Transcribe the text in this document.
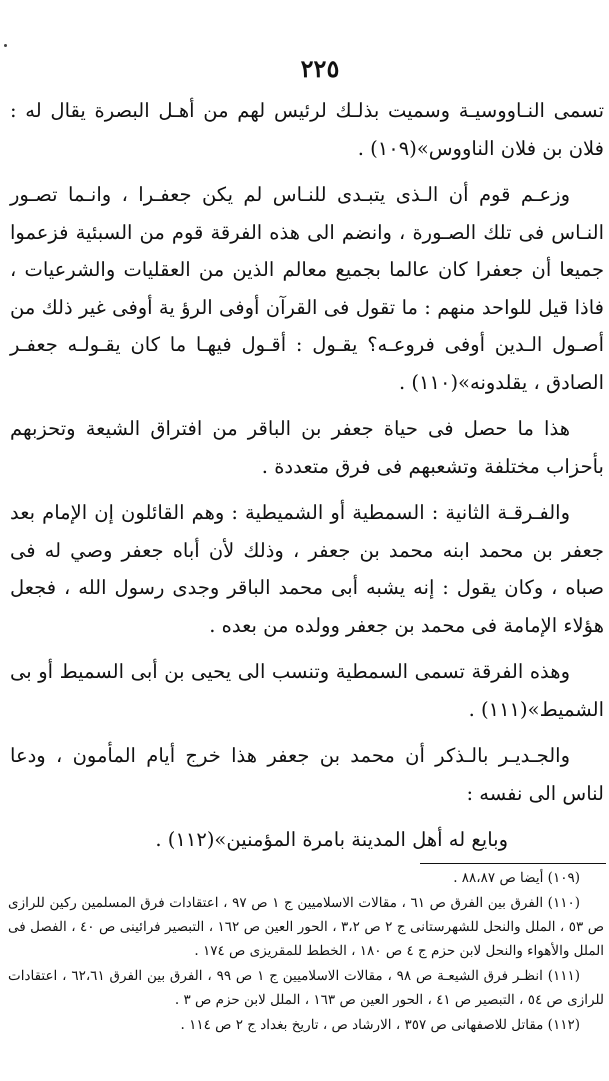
٢٢٥

تسمى النـاووسيـة وسميت بذلـك لرئيس لهم من أهـل البصرة يقال له : فلان بن فلان الناووس»(١٠٩) .

وزعـم قوم أن الـذى يتبـدى للنـاس لم يكن جعفـرا ، وانـما تصـور النـاس فى تلك الصـورة ، وانضم الى هذه الفرقة قوم من السبئية فزعموا جميعا أن جعفرا كان عالما بجميع معالم الذين من العقليات والشرعيات ، فاذا قيل للواحد منهم : ما تقول فى القرآن أوفى الرؤ ية أوفى غير ذلك من أصـول الـدين أوفى فروعـه؟ يقـول : أقـول فيهـا ما كان يقـولـه جعفـر الصادق ، يقلدونه»(١١٠) .

هذا ما حصل فى حياة جعفر بن الباقر من افتراق الشيعة وتحزبهم بأحزاب مختلفة وتشعبهم فى فرق متعددة .

والفـرقـة الثانية : السمطية أو الشميطية : وهم القائلون إن الإمام بعد جعفر بن محمد ابنه محمد بن جعفر ، وذلك لأن أباه جعفر وصي له فى صباه ، وكان يقول : إنه يشبه أبى محمد الباقر وجدى رسول الله ، فجعل هؤلاء الإمامة فى محمد بن جعفر وولده من بعده .

وهذه الفرقة تسمى السمطية وتنسب الى يحيى بن أبى السميط أو بى الشميط»(١١١) .

والجـديـر بالـذكر أن محمد بن جعفر هذا خرج أيام المأمون ، ودعا لناس الى نفسه :

وبايع له أهل المدينة بامرة المؤمنين»(١١٢) .

(١٠٩) أيضا ص ٨٨،٨٧ .

(١١٠) الفرق بين الفرق ص ٦١ ، مقالات الاسلاميين ج ١ ص ٩٧ ، اعتقادات فرق المسلمين ركين للرازى ص ٥٣ ، الملل والنحل للشهرستانى ج ٢ ص ٣،٢ ، الحور العين ص ١٦٢ ، التبصير فرائينى ص ٤٠ ، الفصل فى الملل والأهواء والنحل لابن حزم ج ٤ ص ١٨٠ ، الخطط للمقريزى ص ١٧٤ .

(١١١) انظـر فرق الشيعـة ص ٩٨ ، مقالات الاسلاميين ج ١ ص ٩٩ ، الفرق بين الفرق ٦٢،٦١ ، اعتقادات للرازى ص ٥٤ ، التبصير ص ٤١ ، الحور العين ص ١٦٣ ، الملل لابن حزم ص ٣ .

(١١٢) مقاتل للاصفهانى ص ٣٥٧ ، الارشاد ص ، تاريخ بغداد ج ٢ ص ١١٤ .
